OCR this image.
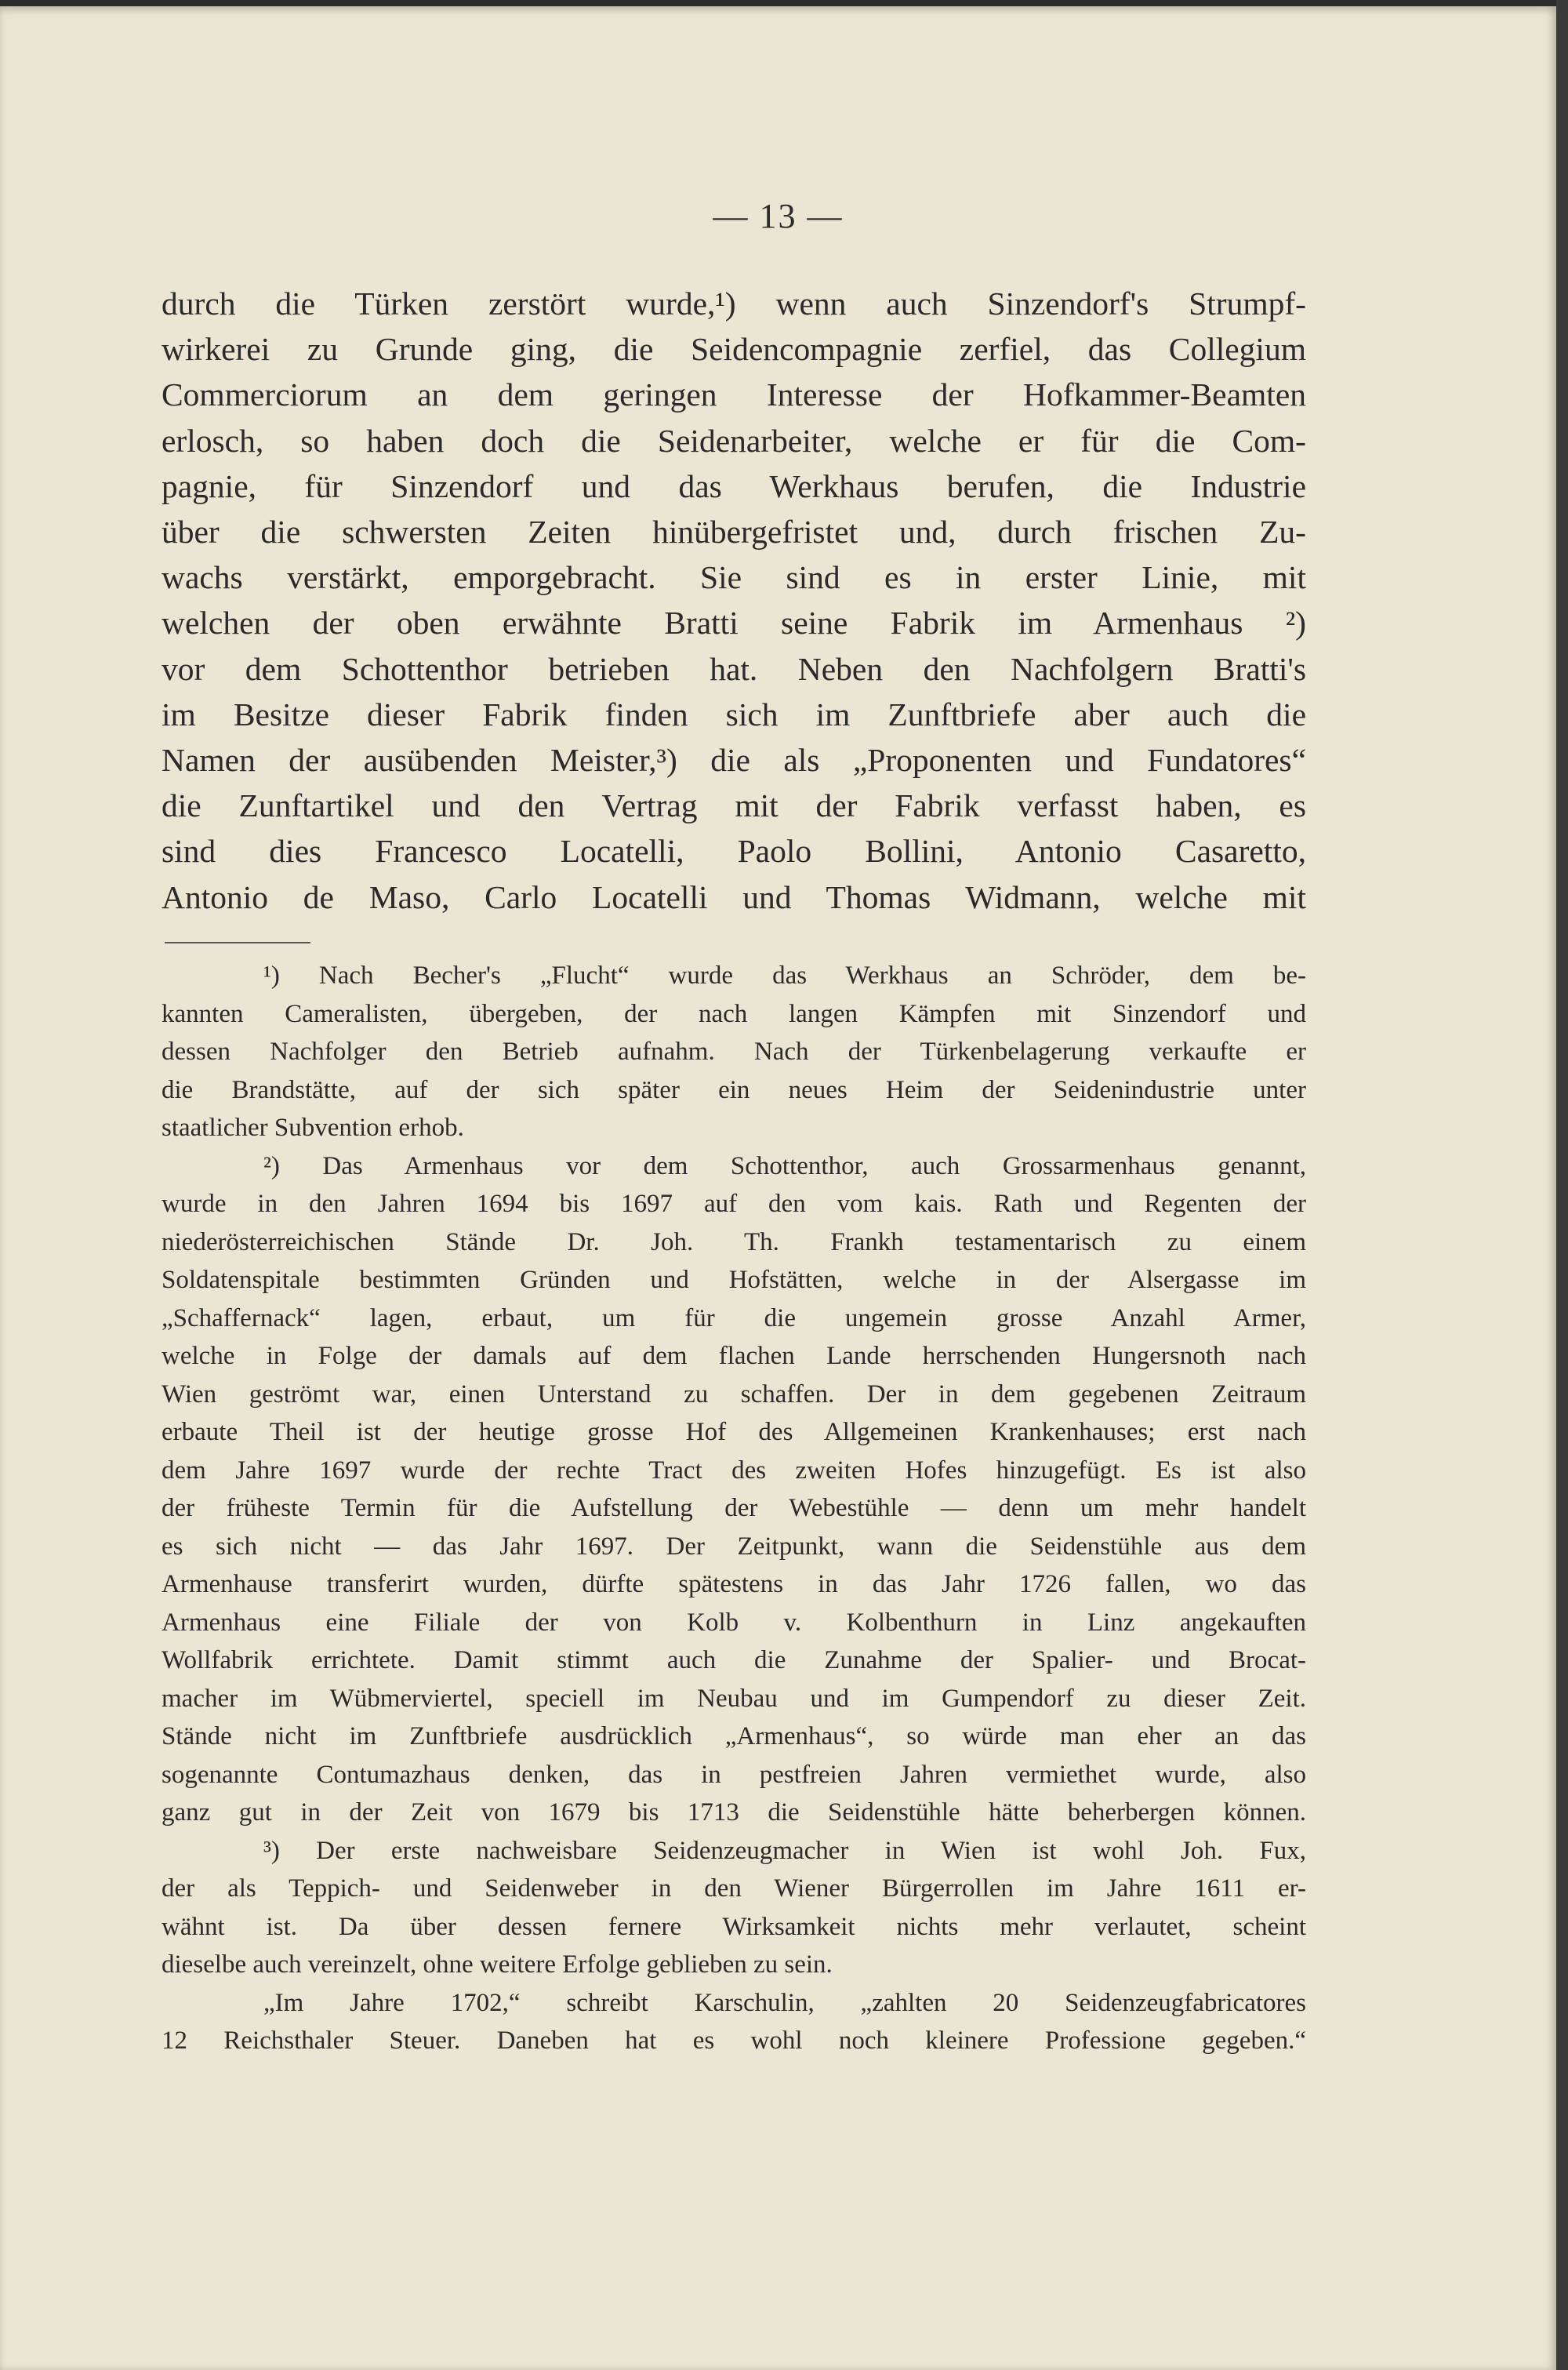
— 13 —
durch die Türken zerstört wurde,¹) wenn auch Sinzendorf's Strumpf-
wirkerei zu Grunde ging, die Seidencompagnie zerfiel, das Collegium
Commerciorum an dem geringen Interesse der Hofkammer-Beamten
erlosch, so haben doch die Seidenarbeiter, welche er für die Com-
pagnie, für Sinzendorf und das Werkhaus berufen, die Industrie
über die schwersten Zeiten hinübergefristet und, durch frischen Zu-
wachs verstärkt, emporgebracht. Sie sind es in erster Linie, mit
welchen der oben erwähnte Bratti seine Fabrik im Armenhaus ²)
vor dem Schottenthor betrieben hat. Neben den Nachfolgern Bratti's
im Besitze dieser Fabrik finden sich im Zunftbriefe aber auch die
Namen der ausübenden Meister,³) die als „Proponenten und Fundatores“
die Zunftartikel und den Vertrag mit der Fabrik verfasst haben, es
sind dies Francesco Locatelli, Paolo Bollini, Antonio Casaretto,
Antonio de Maso, Carlo Locatelli und Thomas Widmann, welche mit
¹) Nach Becher's „Flucht“ wurde das Werkhaus an Schröder, dem be-
kannten Cameralisten, übergeben, der nach langen Kämpfen mit Sinzendorf und
dessen Nachfolger den Betrieb aufnahm. Nach der Türkenbelagerung verkaufte er
die Brandstätte, auf der sich später ein neues Heim der Seidenindustrie unter
staatlicher Subvention erhob.
²) Das Armenhaus vor dem Schottenthor, auch Grossarmenhaus genannt,
wurde in den Jahren 1694 bis 1697 auf den vom kais. Rath und Regenten der
niederösterreichischen Stände Dr. Joh. Th. Frankh testamentarisch zu einem
Soldatenspitale bestimmten Gründen und Hofstätten, welche in der Alsergasse im
„Schaffernack“ lagen, erbaut, um für die ungemein grosse Anzahl Armer,
welche in Folge der damals auf dem flachen Lande herrschenden Hungersnoth nach
Wien geströmt war, einen Unterstand zu schaffen. Der in dem gegebenen Zeitraum
erbaute Theil ist der heutige grosse Hof des Allgemeinen Krankenhauses; erst nach
dem Jahre 1697 wurde der rechte Tract des zweiten Hofes hinzugefügt. Es ist also
der früheste Termin für die Aufstellung der Webestühle — denn um mehr handelt
es sich nicht — das Jahr 1697. Der Zeitpunkt, wann die Seidenstühle aus dem
Armenhause transferirt wurden, dürfte spätestens in das Jahr 1726 fallen, wo das
Armenhaus eine Filiale der von Kolb v. Kolbenthurn in Linz angekauften
Wollfabrik errichtete. Damit stimmt auch die Zunahme der Spalier- und Brocat-
macher im Wübmerviertel, speciell im Neubau und im Gumpendorf zu dieser Zeit.
Stände nicht im Zunftbriefe ausdrücklich „Armenhaus“, so würde man eher an das
sogenannte Contumazhaus denken, das in pestfreien Jahren vermiethet wurde, also
ganz gut in der Zeit von 1679 bis 1713 die Seidenstühle hätte beherbergen können.
³) Der erste nachweisbare Seidenzeugmacher in Wien ist wohl Joh. Fux,
der als Teppich- und Seidenweber in den Wiener Bürgerrollen im Jahre 1611 er-
wähnt ist. Da über dessen fernere Wirksamkeit nichts mehr verlautet, scheint
dieselbe auch vereinzelt, ohne weitere Erfolge geblieben zu sein.
„Im Jahre 1702,“ schreibt Karschulin, „zahlten 20 Seidenzeugfabricatores
12 Reichsthaler Steuer. Daneben hat es wohl noch kleinere Professione gegeben.“
